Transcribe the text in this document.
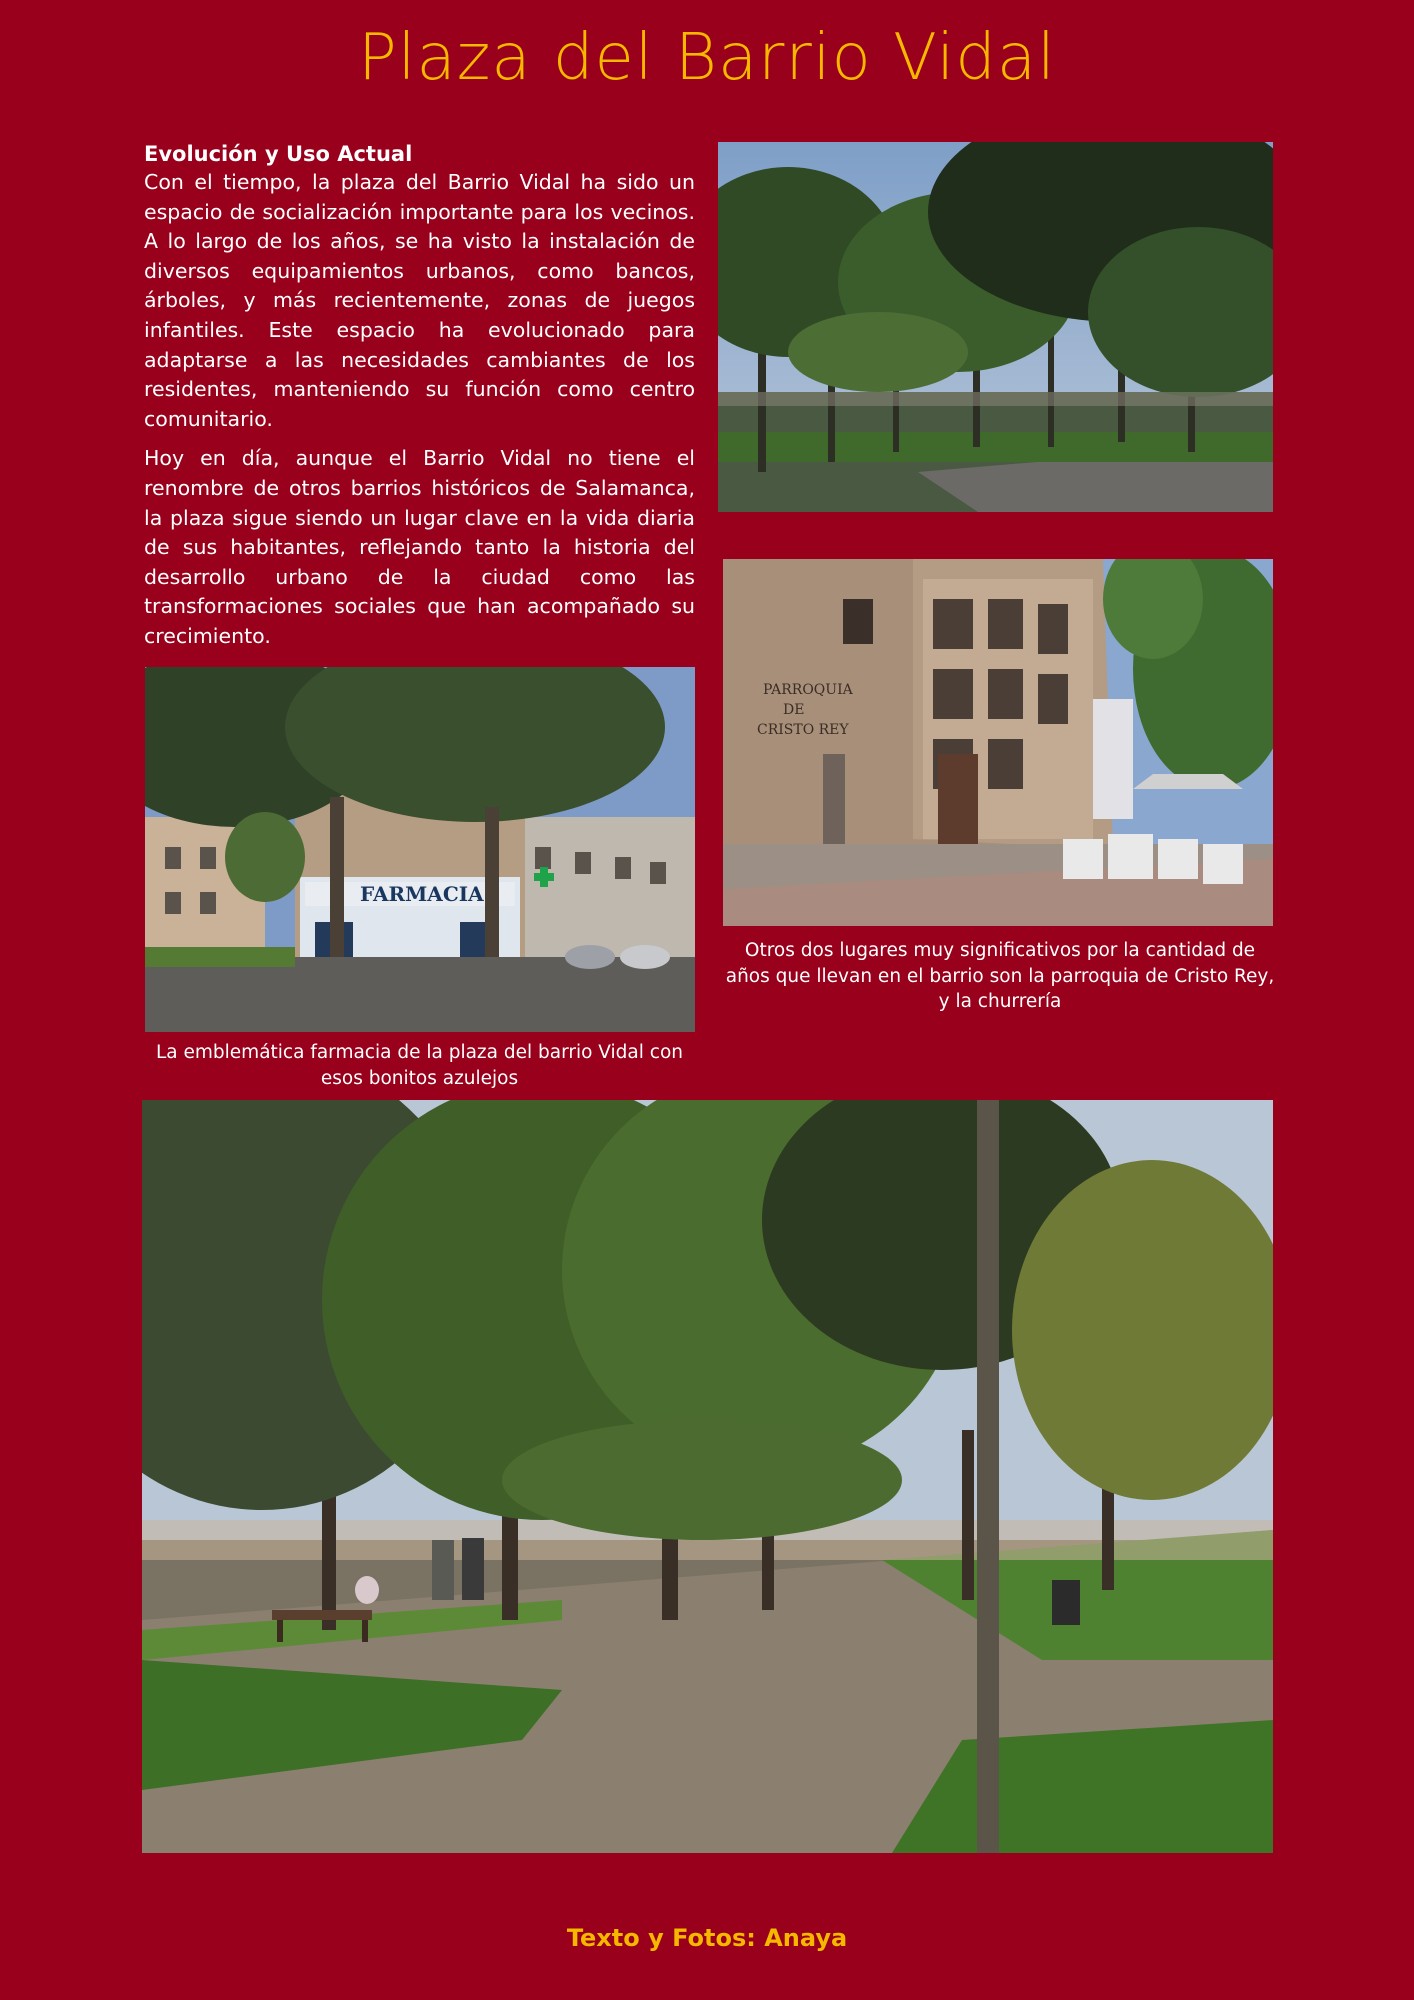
Plaza del Barrio Vidal
Evolución y Uso Actual

Con el tiempo, la plaza del Barrio Vidal ha sido un espacio de socialización importante para los vecinos. A lo largo de los años, se ha visto la instalación de diversos equipamientos urbanos, como bancos, árboles, y más recientemente, zonas de juegos infantiles. Este espacio ha evolucionado para adaptarse a las necesidades cambiantes de los residentes, manteniendo su función como centro comunitario.

Hoy en día, aunque el Barrio Vidal no tiene el renombre de otros barrios históricos de Salamanca, la plaza sigue siendo un lugar clave en la vida diaria de sus habitantes, reflejando tanto la historia del desarrollo urbano de la ciudad como las transformaciones sociales que han acompañado su crecimiento.

PARROQUIA
DE
CRISTO REY
FARMACIA
Otros dos lugares muy significativos por la cantidad de años que llevan en el barrio son la parroquia de Cristo Rey, y la churrería
La emblemática farmacia de la plaza del barrio Vidal con esos bonitos azulejos
Texto y Fotos: Anaya
